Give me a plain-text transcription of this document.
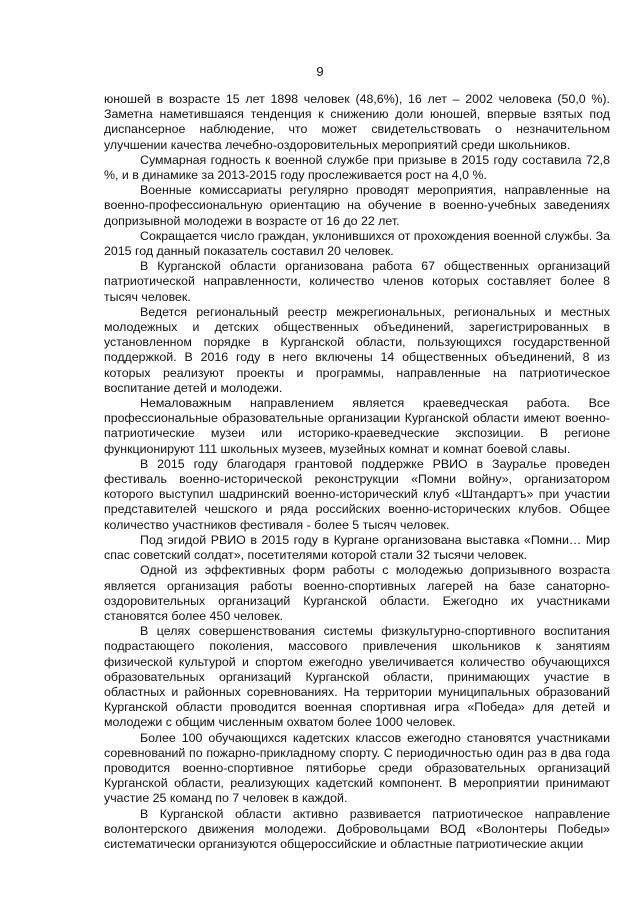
9

юношей в возрасте 15 лет 1898 человек (48,6%), 16 лет – 2002 человека (50,0 %). Заметна наметившаяся тенденция к снижению доли юношей, впервые взятых под диспансерное наблюдение, что может свидетельствовать о незначительном улучшении качества лечебно-оздоровительных мероприятий среди школьников.

Суммарная годность к военной службе при призыве в 2015 году составила 72,8 %, и в динамике за 2013-2015 году прослеживается рост на 4,0 %.

Военные комиссариаты регулярно проводят мероприятия, направленные на военно-профессиональную ориентацию на обучение в военно-учебных заведениях допризывной молодежи в возрасте от 16 до 22 лет.

Сокращается число граждан, уклонившихся от прохождения военной службы. За 2015 год данный показатель составил 20 человек.

В Курганской области организована работа 67 общественных организаций патриотической направленности, количество членов которых составляет более 8 тысяч человек.

Ведется региональный реестр межрегиональных, региональных и местных молодежных и детских общественных объединений, зарегистрированных в установленном порядке в Курганской области, пользующихся государственной поддержкой. В 2016 году в него включены 14 общественных объединений, 8 из которых реализуют проекты и программы, направленные на патриотическое воспитание детей и молодежи.

Немаловажным направлением является краеведческая работа. Все профессиональные образовательные организации Курганской области имеют военно-патриотические музеи или историко-краеведческие экспозиции. В регионе функционируют 111 школьных музеев, музейных комнат и комнат боевой славы.

В 2015 году благодаря грантовой поддержке РВИО в Зауралье проведен фестиваль военно-исторической реконструкции «Помни войну», организатором которого выступил шадринский военно-исторический клуб «Штандартъ» при участии представителей чешского и ряда российских военно-исторических клубов. Общее количество участников фестиваля - более 5 тысяч человек.

Под эгидой РВИО в 2015 году в Кургане организована выставка «Помни… Мир спас советский солдат», посетителями которой стали 32 тысячи человек.

Одной из эффективных форм работы с молодежью допризывного возраста является организация работы военно-спортивных лагерей на базе санаторно-оздоровительных организаций Курганской области. Ежегодно их участниками становятся более 450 человек.

В целях совершенствования системы физкультурно-спортивного воспитания подрастающего поколения, массового привлечения школьников к занятиям физической культурой и спортом ежегодно увеличивается количество обучающихся образовательных организаций Курганской области, принимающих участие в областных и районных соревнованиях. На территории муниципальных образований Курганской области проводится военная спортивная игра «Победа» для детей и молодежи с общим численным охватом более 1000 человек.

Более 100 обучающихся кадетских классов ежегодно становятся участниками соревнований по пожарно-прикладному спорту. С периодичностью один раз в два года проводится военно-спортивное пятиборье среди образовательных организаций Курганской области, реализующих кадетский компонент. В мероприятии принимают участие 25 команд по 7 человек в каждой.

В Курганской области активно развивается патриотическое направление волонтерского движения молодежи. Добровольцами ВОД «Волонтеры Победы» систематически организуются общероссийские и областные патриотические акции
